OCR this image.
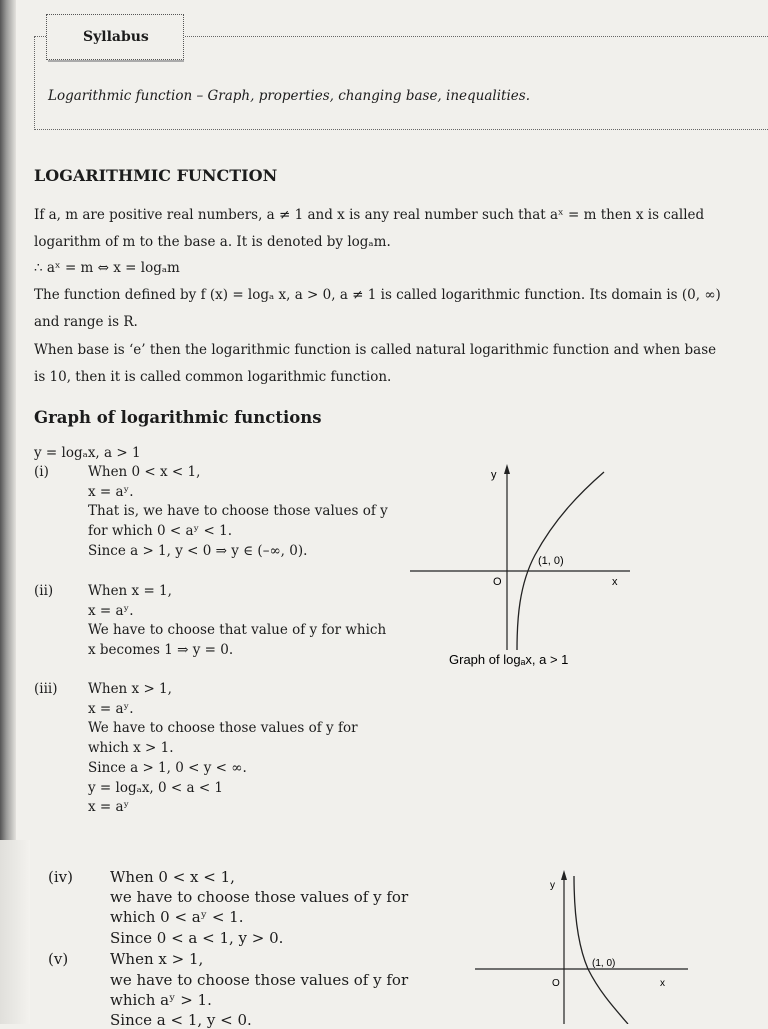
Syllabus
Logarithmic function – Graph, properties, changing base, inequalities.
LOGARITHMIC FUNCTION
If a, m are positive real numbers, a ≠ 1 and x is any real number such that aˣ = m then x is called
logarithm of m to the base a. It is denoted by logₐm.
∴ aˣ = m ⇔ x = logₐm
The function defined by f (x) = logₐ x, a > 0, a ≠ 1 is called logarithmic function. Its domain is (0, ∞)
and range is R.
When base is ‘e’ then the logarithmic function is called natural logarithmic function and when base
is 10, then it is called common logarithmic function.
Graph of logarithmic functions
y = logₐx, a > 1
(i)	When 0 < x < 1,
x = aʸ.
That is, we have to choose those values of y
for which 0 < aʸ < 1.
Since a > 1, y < 0 ⇒ y ∈ (–∞, 0).
(ii)	When x = 1,
x = aʸ.
We have to choose that value of y for which
x becomes 1 ⇒ y = 0.
(iii) When x > 1,
x = aʸ.
We have to choose those values of y for
which x > 1.
Since a > 1, 0 < y < ∞.
y = logₐx, 0 < a < 1
x = aʸ
(iv) When 0 < x < 1,
we have to choose those values of y for
which 0 < aʸ < 1.
Since 0 < a < 1, y > 0.
(v)	When x > 1,
we have to choose those values of y for
which aʸ > 1.
Since a < 1, y < 0.
y
x
O
(1, 0)
Graph of logₐx, a > 1
y
x
O
(1, 0)
